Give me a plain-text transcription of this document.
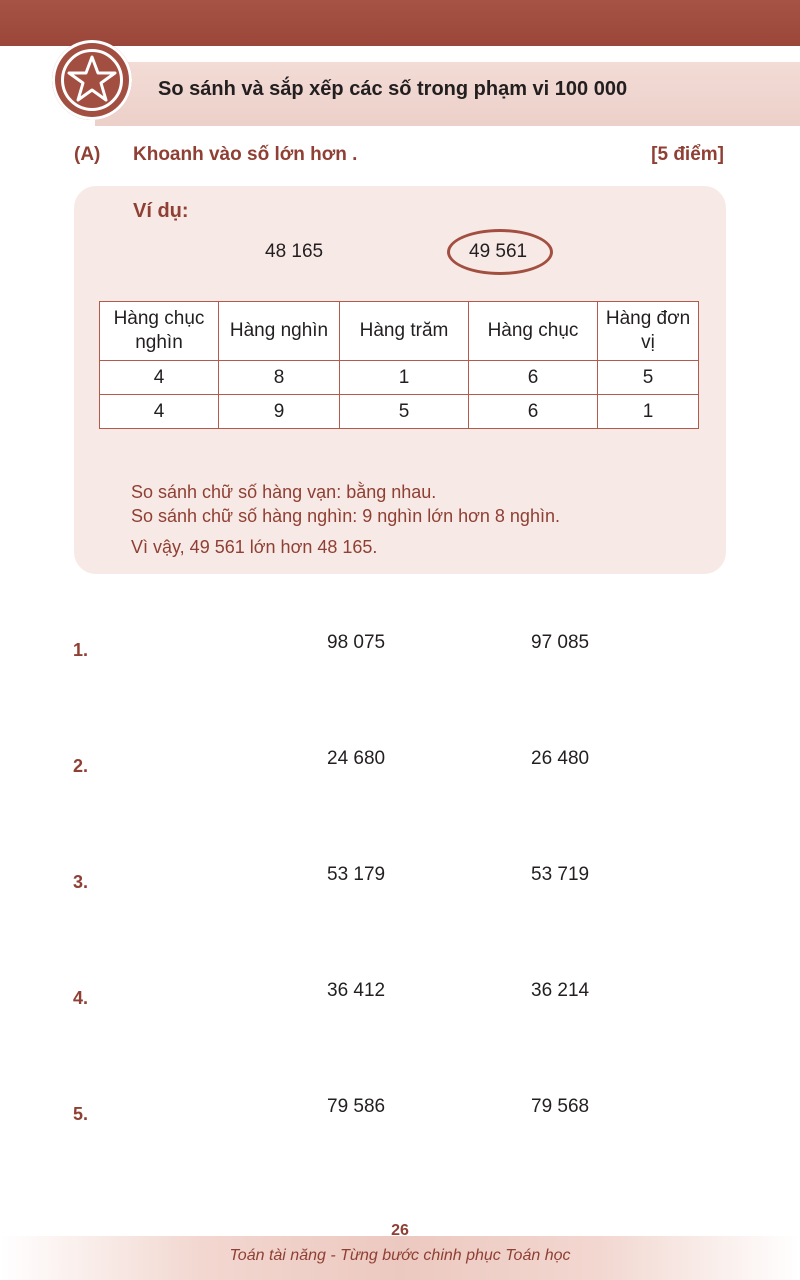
So sánh và sắp xếp các số trong phạm vi 100 000
(A) Khoanh vào số lớn hơn .	[5 điểm]
Ví dụ:
48 165	49 561
Hàng chục nghìn	Hàng nghìn	Hàng trăm	Hàng chục	Hàng đơn vị
4	8	1	6	5
4	9	5	6	1
So sánh chữ số hàng vạn: bằng nhau.
So sánh chữ số hàng nghìn: 9 nghìn lớn hơn 8 nghìn.
Vì vậy, 49 561 lớn hơn 48 165.
1.	98 075	97 085
2.	24 680	26 480
3.	53 179	53 719
4.	36 412	36 214
5.	79 586	79 568
26
Toán tài năng - Từng bước chinh phục Toán học
